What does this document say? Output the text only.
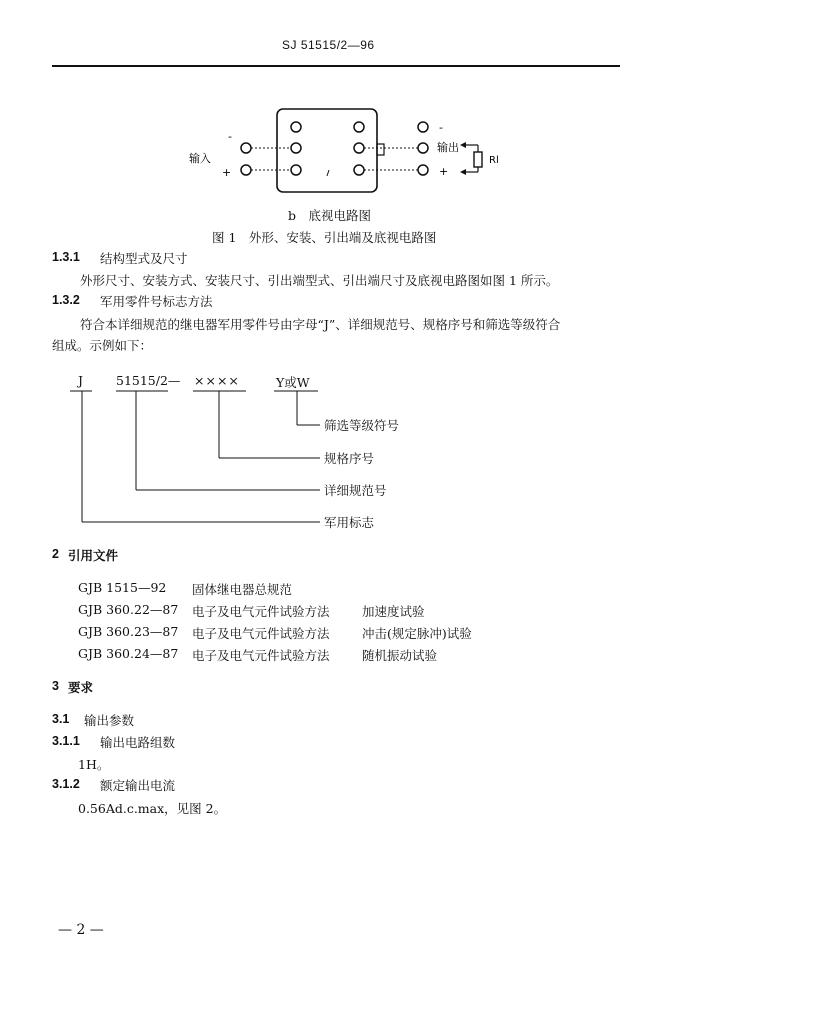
SJ 51515/2—96
-
输入
+
-
输出
+
Rl
b　底视电路图
图 1　外形、安装、引出端及底视电路图
1.3.1 结构型式及尺寸
外形尺寸、安装方式、安装尺寸、引出端型式、引出端尺寸及底视电路图如图 1 所示。
1.3.2 军用零件号标志方法
符合本详细规范的继电器军用零件号由字母“J”、详细规范号、规格序号和筛选等级符合
组成。示例如下：
J	51515/2— ××××	Y或W
筛选等级符号
规格序号
详细规范号
军用标志
2 引用文件
GJB 1515—92 固体继电器总规范
GJB 360.22—87 电子及电气元件试验方法	加速度试验
GJB 360.23—87 电子及电气元件试验方法	冲击(规定脉冲)试验
GJB 360.24—87 电子及电气元件试验方法	随机振动试验
3 要求
3.1 输出参数
3.1.1 输出电路组数
1H。
3.1.2 额定输出电流
0.56Ad.c.max，见图 2。
— 2 —
